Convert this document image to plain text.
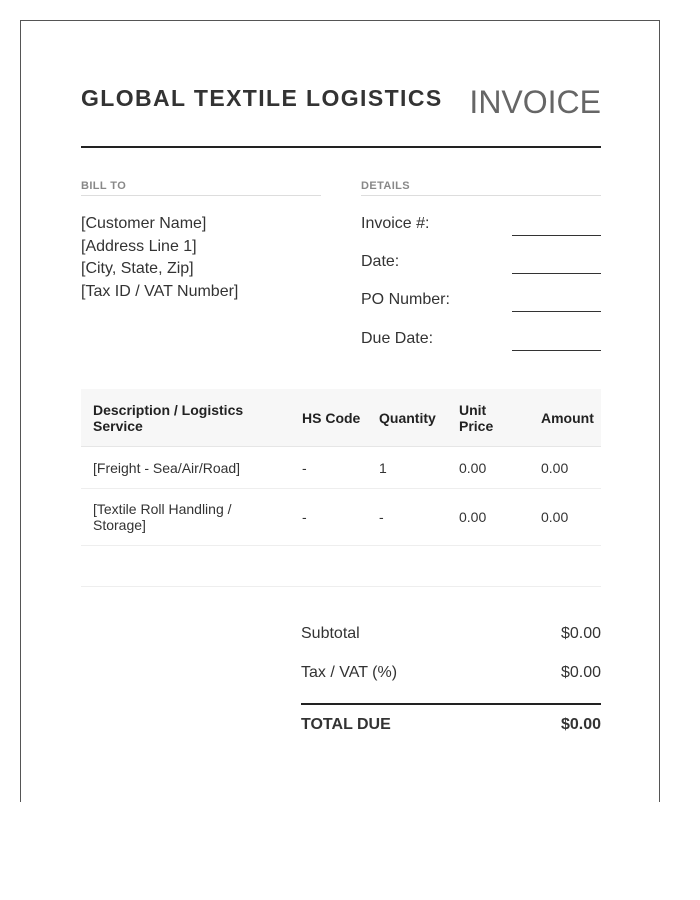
GLOBAL TEXTILE LOGISTICS INVOICE
BILL TO	DETAILS
[Customer Name]
[Address Line 1]
[City, State, Zip]
[Tax ID / VAT Number]
Invoice #:
Date:
PO Number:
Due Date:
Description / Logistics Service	HS Code	Quantity	Unit Price	Amount
[Freight - Sea/Air/Road]	-	1	0.00	0.00
[Textile Roll Handling / Storage]	-	-	0.00	0.00

Subtotal	$0.00
Tax / VAT (%)	$0.00
TOTAL DUE	$0.00
